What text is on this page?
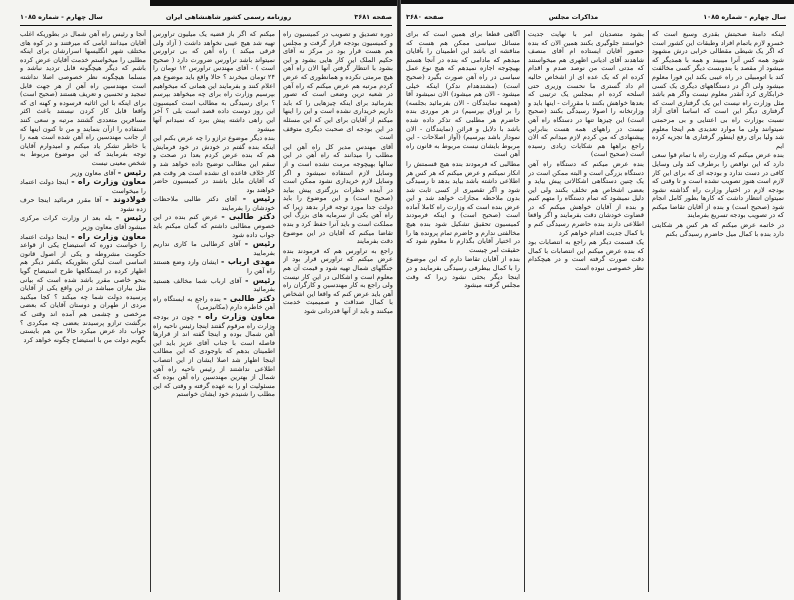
صفحه ۳۶۸۱
روزنامه رسمی کشور شاهنشاهی ایران
سال چهارم - شماره ۱۰۸۵

دوره تصدیق و تصویب در کمیسیون راه و کمیسیون بودجه قرار گرفت و مجلس هم هست قرار بود در مرکز نه آقای حکیم الملک این کار هایی بشود و این بشود با انتظار گرفتن آنها الان راه آهن هیچ مرمتی نکرده و همانطوری که عرض کردم مرتبه هم عرض میکنم که راه آهن در شعبه ترین وضعی است که تصور بفرمائید برای اینکه چیزهایی را که باید داریم خریداری نشده است و این را اینها میکنم از آقایان برای این که این مسئله در این بودجه ای صحبت دیگری متوقف است

آقای مهندس مدیر کل راه آهن این مطلب را میدانند که راه آهن در این سالها بهیچوجه مرمت نشده است و از وسایل لازم استفاده نمیشود و اگر وسایل لازم خریداری نشود ممکن است در آینده خطرات بزرگتری پیش بیاید (صحیح است) و این موضوع را باید دولت جدا مورد توجه قرار بدهد زیرا که راه آهن یکی از سرمایه های بزرگ این مملکت است و باید آنرا حفظ کرد و بنده تقاضا میکنم که آقایان در این موضوع دقت بفرمایند

راجع به تراورس هم که فرمودند بنده عرض میکنم که تراورس قرار بود از جنگلهای شمال تهیه شود و قیمت آن هم معلوم است و اشکالی در این کار نیست ولی راجع به کار مهندسین و کارگران راه آهن باید عرض کنم که واقعا این اشخاص با کمال صداقت و صمیمیت خدمت میکنند و باید از آنها قدردانی شود

میکنم که اگر باز قضیه یک میلیون تراورس تهیه شد هیچ عیبی نخواهد داشت ( آزاد ولی فرقی میکند ) راه آهن که بی تراورس نمیتواند باشد تراورس ضرورت دارد ( صحیح است ) - آقای مهندس تراورس ۱۲ تومان را ۲۴ تومان میخرند ؟ حالا واقع باید موضوع هم اعلام کنند و بفرمایند این همانی که میخواهیم بپرسیم وزارت راه برای چه میخواهد بپرسم ؟ برای رسیدگی به مطالب است کمیسیون این روز دوست داده قصد است بلی ؟ آخر این راهی داشته پیش ببرد که نمیدانم آنها میشود

بنده دیگر موضوع ترازو را چه عرض بکنم این اینکه بنده گفتم در خودش در خود فرمایش هم که بنده عرض کردم بعدا در صحت و سقم این مطالب توضیح داده خواهد شد و کار خلاف قاعده ای نشده است هر وقت هم که آقایان مایل باشند در کمیسیون حاضر خواهند بود

رئیس - آقای دکتر طالبی ملاحظات خودشان را بفرمایند

دکتر طالبی - عرض کنم بنده در این خصوص مطالبی داشتم که گمان میکنم باید جواب داده شود

رئیس - آقای کرطالبی ما کاری نداریم بفرمایید

مهدی ارباب - ایشان وارد وضع هستند راه آهن را

رئیس - آقای ارباب شما مخالف هستید بفرمائید

دکتر طالبی - بنده راجع به ایستگاه راه آهن خاطره دارم (مکانیزمی)

معاون وزارت راه - چون در بودجه وزارت راه مرقوم گفتند اینجا رئیس ناحیه راه آهن شمال بوده و اینجا گفته اند از قرارها فاصله است با جناب آقای عزیز باید این اطمینان بدهم که باوجودی که این مطالب اینجا اظهار شد اصلا ایشان از این انتصاب اطلاعی نداشتند از رئیس ناحیه راه آهن شمال از بهترین مهندسین راه آهن بوده که مسئولیت او را به عهده گرفته و وقتی که این مطلب را شنیدم خود ایشان خواستم

آنجا و رئیس راه آهن شمال در بطوریکه اغلب آقایان میدانند ایامی که میرفتند و در کوه های مختلف شهر انگلیسها اسرارشان برای اینکه مطلبی را میخواستم خدمت آقایان عرض کرده باشم که دیگر هیچگونه قابل تردید نباشد و مسلما هیچگونه نظر خصوصی اصلا نداشته است مهندسین راه آهن از هر جهت قابل تمجید و تحسین و تعریف هستند (صحیح است) برای اینکه با این اثاثیه فرسوده و کهنه ای که واقعا قابل کار کردن نیستند باعث اکثر مسافرین متعددی گشتند مرتبه و سعی کنند استفاده را ازآن بنمایند و من تا کنون اینها که از جانب مهندسین راه آهن شده است همه را با خاطر تشکر یاد میکنم و امیدوارم آقایان توجه بفرمایند که این موضوع مربوط به شخص معینی نیست

رئیس - آقای معاون وزیر

معاون وزارت راه - اینجا دولت اعتماد را میخواست

فولادوند - آقا مقرر فرمائید اینجا حرف زده نشود

رئیس - بله بعد از وزارت کرات مرکزی میشود آقای معاون وزیر

معاون وزارت راه - اینجا دولت اعتماد را خواست دوره که استیضاح یکی از قواعد حکومت مشروطه و یکی از اصول قانون اساسی است لیکن بطوریکه یکنفر دیگر هم اظهار کرده در ایستگاهها طرح استیضاح گویا بنحو خاصی مقرر باشد شده است که بیانی مثل بیاران میباشد در این واقع یکی از آقایان پرسیده دولت شما چه میکند ؟ کجا میکنید مردی از طهران و دوستان آقایان که بعضی مرخصی و چشمی هم آمده اند وقتی که برگشت ترازو پرسیدند بعضی چه میکردی ؟ جواب داد عرض میکرد حالا من هم بایستی بگویم دولت من با استیضاح چگونه خواهد کرد

سال چهارم - شماره ۱۰۸۵
مذاکرات مجلس
صفحه ۳۶۸۰

اینکه دامنهٔ صحبتش بقدری وسیع است که خسرو لازم باتمام افراد وطبقات این کشور است که اگر یک شیطی مقطالی خرابی درش مشهود شود همه کس آنرا میبیند و همه با همدیگر که میشود از مقصد با بندوبست دیگر کسی مخالفت کند با اتومبیلی در راه عیبی بکند این فورا معلوم میشود ولی اگر در دستگاههای دیگری یک کسی خرابکاری کرد آنقدر معلوم نیست واگر هم باشد مثل وزارت راه نیست این یک گرفتاری است که گرفتاری دیگر این است که اساسا آقای آزاد نسبت بوزارت راه بی اعتنایی و بی مرحمتی نمیتوانند ولی ما موارد تعدیدی هم اینجا معلوم شد ولیا برای رفع اینطور گرفتاری ها تجزیه کرده ایم

بنده عرض میکنم که وزارت راه با تمام قوا سعی دارد که این نواقص را برطرف کند ولی وسایل کافی در دست ندارد و بودجه ای که برای این کار لازم است هنوز تصویب نشده است و تا وقتی که بودجه لازم در اختیار وزارت راه گذاشته نشود نمیتوان انتظار داشت که کارها بطور کامل انجام شود (صحیح است) و بنده از آقایان تقاضا میکنم که در تصویب بودجه تسریع بفرمایند

در خاتمه عرض میکنم که هر کس هر شکایتی دارد بنده با کمال میل حاضرم رسیدگی بکنم

بشود متصدیان امر با نهایت جدیت خواستند جلوگیری بکنند همین الان که بنده حضور آقایان ایستاده ام آقای منصف شاهدند آقای ادیانی اظهری هم میخواستند که مدتی است من نوصد صدم و اقدام کرده ام که یک عده ای از اشخاص حالیه ام داد گستری ما نحست وزیری حتی اسلحه کرده ام بمجلس یک ترتیبی که بعدها خواهش بکنند با مقررات - اینها باید و وزارتخانه را اصولا رسیدگی بکنند (صحیح است) این چیزها تنها در دستگاه راه آهن نیست در راههای همه هست بنابراین پیشنهادی که من کردم لازم میدانم که الان راجع براهها هم شکایات زیادی رسیده است (صحیح است)

بنده عرض میکنم که دستگاه راه آهن دستگاه بزرگی است و البته ممکن است در یک چنین دستگاهی اشکالاتی پیش بیاید و بعضی اشخاص هم تخلف بکنند ولی این دلیل نمیشود که تمام دستگاه را متهم کنیم و بنده از آقایان خواهش میکنم که در قضاوت خودشان دقت بفرمایند و اگر واقعا اطلاعی دارند بنده حاضرم رسیدگی کنم و با کمال جدیت اقدام خواهم کرد

یک قسمت دیگر هم راجع به انتصابات بود که بنده عرض میکنم این انتصابات با کمال دقت صورت گرفته است و در هیچکدام نظر خصوصی نبوده است

آگاهی قطعا برای همین است که برای مسائل سیاسی ممکن هم هست که مناقشه ای باشد این اطمینان را بآقایان میدهم که مادامی که بنده در آنجا هستم بهیچوجه اجازه نمیدهم که هیچ نوع عمل سیاسی در راه آهن صورت بگیرد (صحیح است) (مشتدهدام ندکر) اینکه خیلی میشود - الان هم میشود) الان نمیشود آقا (همهمه نمایندگان - الان بفرمائید بجلسه) را بر اوراق بپرسیم) در هر موردی بنده حاضرم هر مطلبی که تذکر داده شده باشد با دلایل و قرائن (نمایندگان - الان نمودار باشد بپرسیم) (آواز اصلاحات - این مربوط بایشان نیست مربوط به قانون راه آهن است

مطالبی که فرمودند بنده هیچ قسمتش را انکار نمیکنم و عرض میکنم که هر کس هر اطلاعی داشته باشد بیاید بدهد تا رسیدگی شود و اگر تقصیری از کسی ثابت شد بدون ملاحظه مجازات خواهد شد و این عرض بنده است که وزارت راه کاملا آماده است (صحیح است) و اینکه فرمودند کمیسیون تحقیق تشکیل شود بنده هیچ مخالفتی ندارم و حاضرم تمام پرونده ها را در اختیار آقایان بگذارم تا معلوم شود که حقیقت امر چیست

بنده از آقایان تقاضا دارم که این موضوع را با کمال بیطرفی رسیدگی بفرمایند و در اینجا دیگر بحثی نشود زیرا که وقت مجلس گرفته میشود
